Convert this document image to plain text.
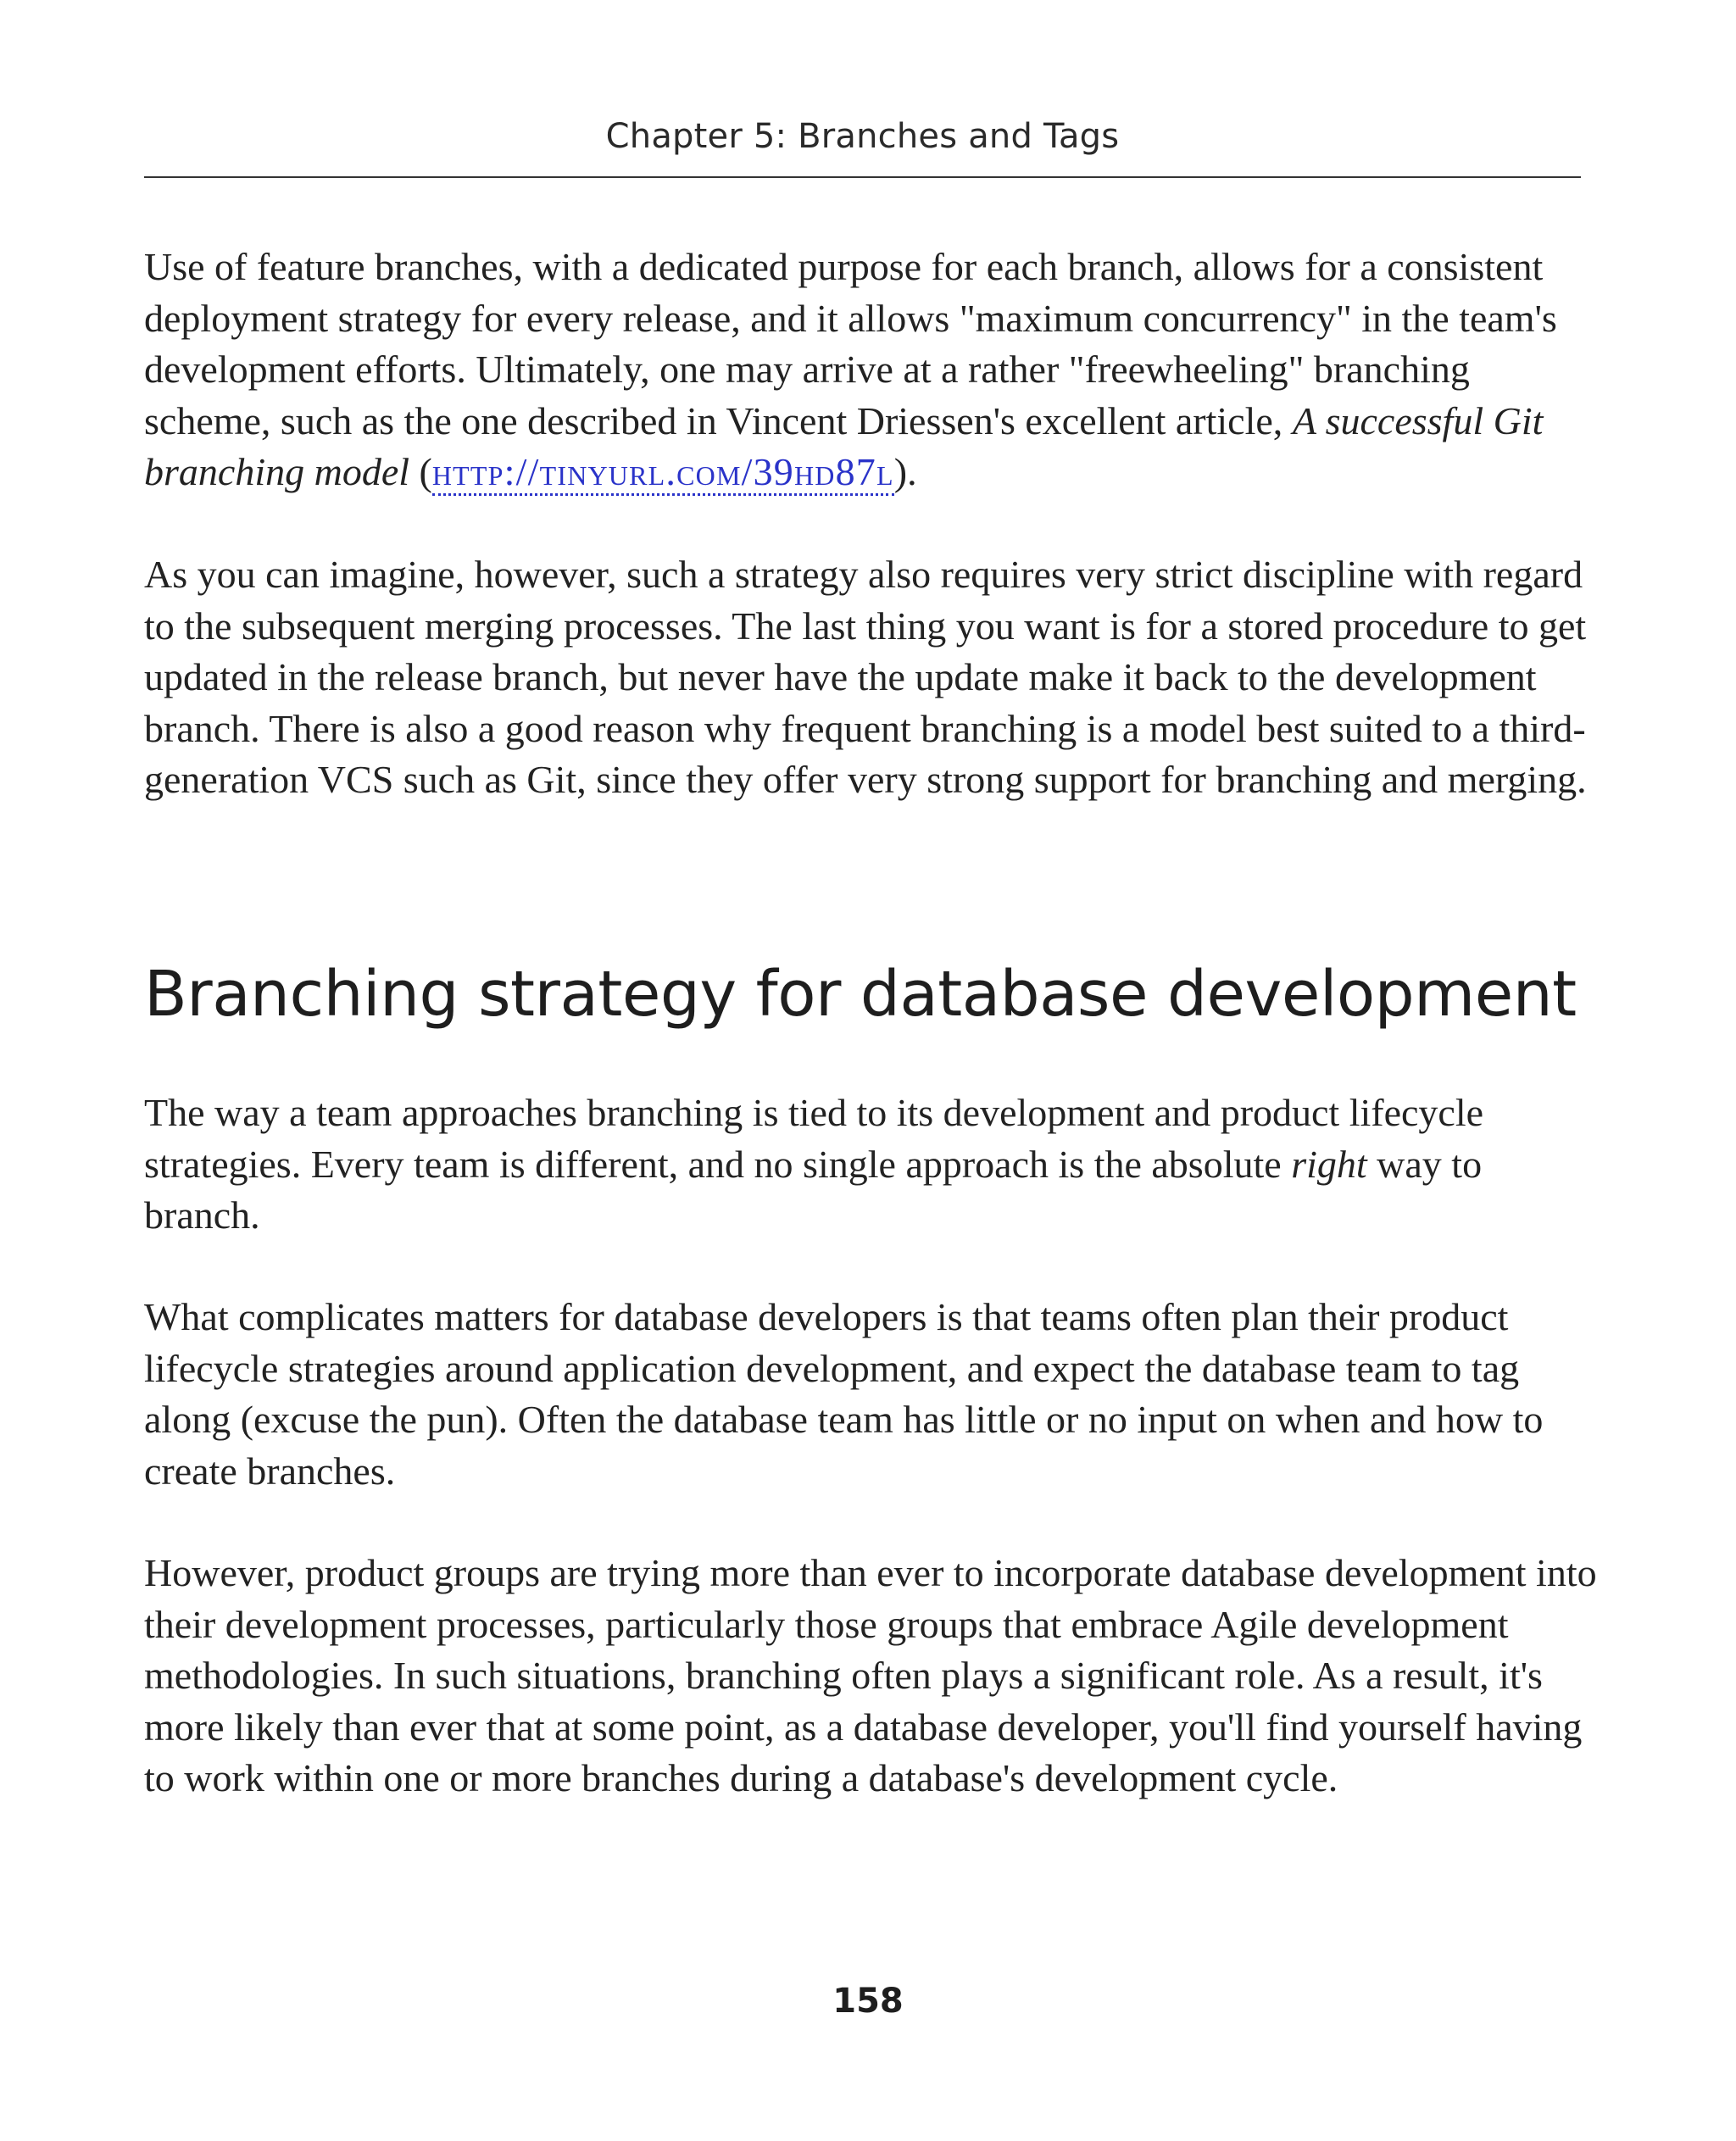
Chapter 5: Branches and Tags

Use of feature branches, with a dedicated purpose for each branch, allows for a consistent deployment strategy for every release, and it allows "maximum concurrency" in the team's development efforts. Ultimately, one may arrive at a rather "freewheeling" branching scheme, such as the one described in Vincent Driessen's excellent article, A successful Git branching model (http://tinyurl.com/39hd87l).

As you can imagine, however, such a strategy also requires very strict discipline with regard to the subsequent merging processes. The last thing you want is for a stored procedure to get updated in the release branch, but never have the update make it back to the development branch. There is also a good reason why frequent branching is a model best suited to a third-generation VCS such as Git, since they offer very strong support for branching and merging.

Branching strategy for database development

The way a team approaches branching is tied to its development and product lifecycle strategies. Every team is different, and no single approach is the absolute right way to branch.

What complicates matters for database developers is that teams often plan their product lifecycle strategies around application development, and expect the database team to tag along (excuse the pun). Often the database team has little or no input on when and how to create branches.

However, product groups are trying more than ever to incorporate database development into their development processes, particularly those groups that embrace Agile development methodologies. In such situations, branching often plays a significant role. As a result, it's more likely than ever that at some point, as a database developer, you'll find yourself having to work within one or more branches during a database's development cycle.

158
